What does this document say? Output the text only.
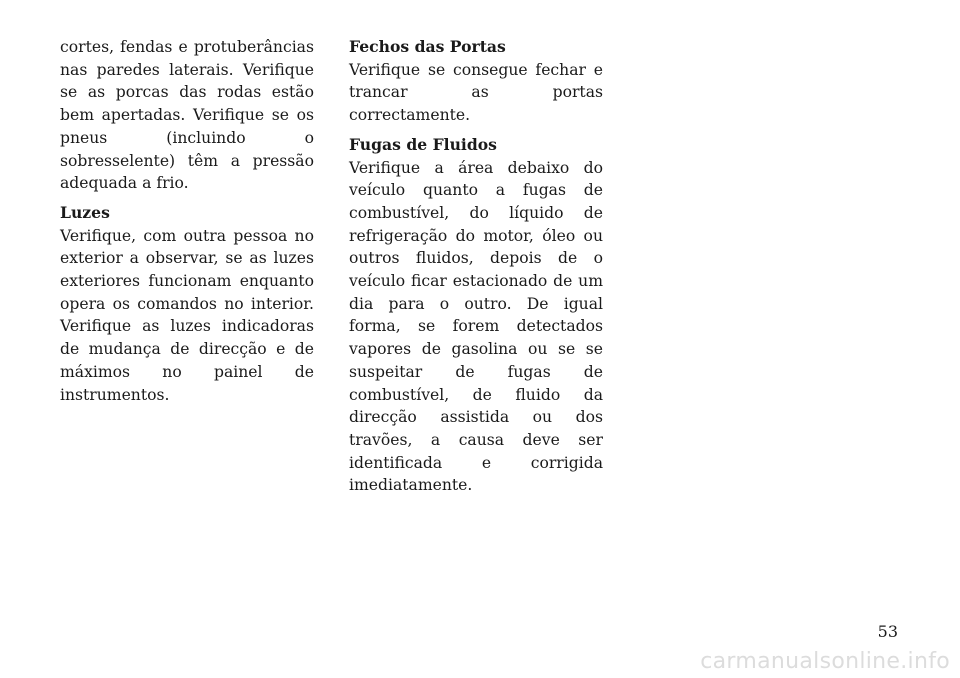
cortes, fendas e protuberâncias nas paredes laterais. Verifique se as porcas das rodas estão bem apertadas. Verifique se os pneus (incluindo o sobresselente) têm a pressão adequada a frio.

Luzes
Verifique, com outra pessoa no exterior a observar, se as luzes exteriores funcionam enquanto opera os comandos no interior. Verifique as luzes indicadoras de mudança de direcção e de máximos no painel de instrumentos.

Fechos das Portas
Verifique se consegue fechar e trancar as portas correctamente.

Fugas de Fluidos
Verifique a área debaixo do veículo quanto a fugas de combustível, do líquido de refrigeração do motor, óleo ou outros fluidos, depois de o veículo ficar estacionado de um dia para o outro. De igual forma, se forem detectados vapores de gasolina ou se se suspeitar de fugas de combustível, de fluido da direcção assistida ou dos travões, a causa deve ser identificada e corrigida imediatamente.

53
carmanualsonline.info
